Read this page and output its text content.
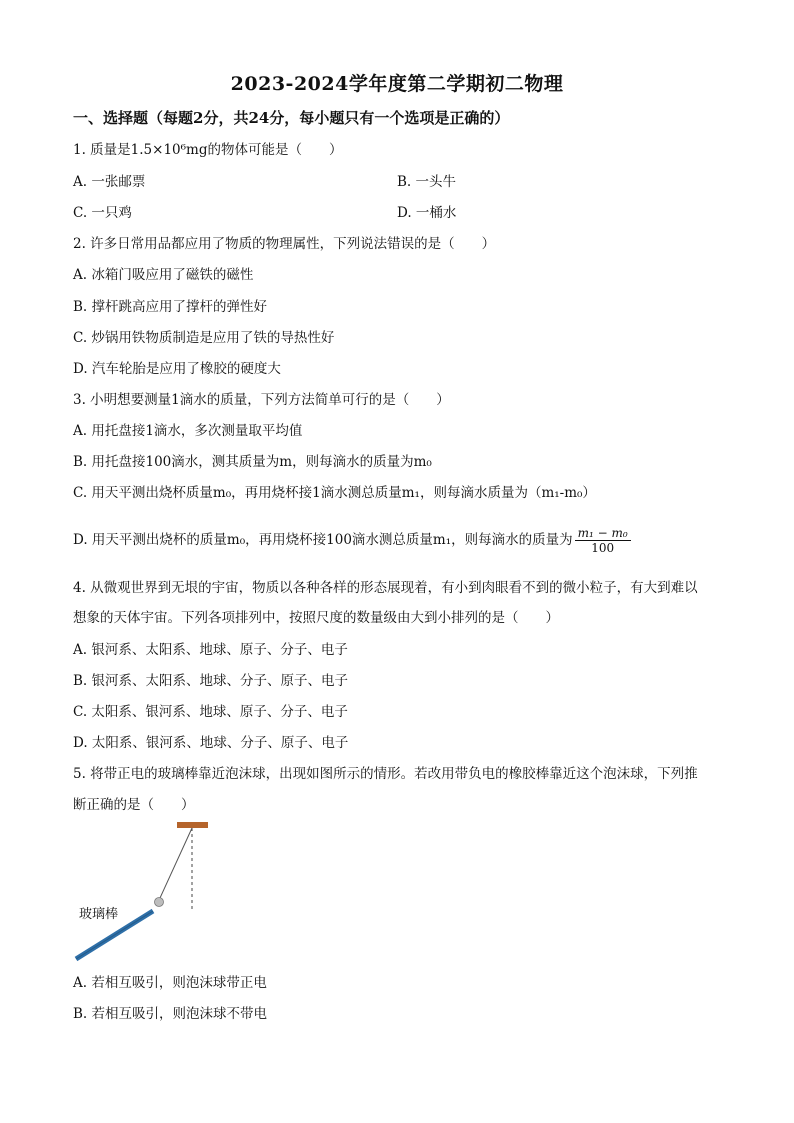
2023-2024学年度第二学期初二物理
一、选择题（每题2分，共24分，每小题只有一个选项是正确的）
1. 质量是1.5×10⁶mg的物体可能是（　　）
A. 一张邮票	B. 一头牛
C. 一只鸡	D. 一桶水
2. 许多日常用品都应用了物质的物理属性，下列说法错误的是（　　）
A. 冰箱门吸应用了磁铁的磁性
B. 撑杆跳高应用了撑杆的弹性好
C. 炒锅用铁物质制造是应用了铁的导热性好
D. 汽车轮胎是应用了橡胶的硬度大
3. 小明想要测量1滴水的质量，下列方法简单可行的是（　　）
A. 用托盘接1滴水，多次测量取平均值
B. 用托盘接100滴水，测其质量为m，则每滴水的质量为m₀
C. 用天平测出烧杯质量m₀，再用烧杯接1滴水测总质量m₁，则每滴水质量为（m₁-m₀）
D. 用天平测出烧杯的质量m₀，再用烧杯接100滴水测总质量m₁，则每滴水的质量为 $\frac{\text{m₁ − m₀}}{100}$
4. 从微观世界到无垠的宇宙，物质以各种各样的形态展现着，有小到肉眼看不到的微小粒子，有大到难以
想象的天体宇宙。下列各项排列中，按照尺度的数量级由大到小排列的是（　　）
A. 银河系、太阳系、地球、原子、分子、电子
B. 银河系、太阳系、地球、分子、原子、电子
C. 太阳系、银河系、地球、原子、分子、电子
D. 太阳系、银河系、地球、分子、原子、电子
5. 将带正电的玻璃棒靠近泡沫球，出现如图所示的情形。若改用带负电的橡胶棒靠近这个泡沫球，下列推
断正确的是（　　）
玻璃棒
A. 若相互吸引，则泡沫球带正电
B. 若相互吸引，则泡沫球不带电
